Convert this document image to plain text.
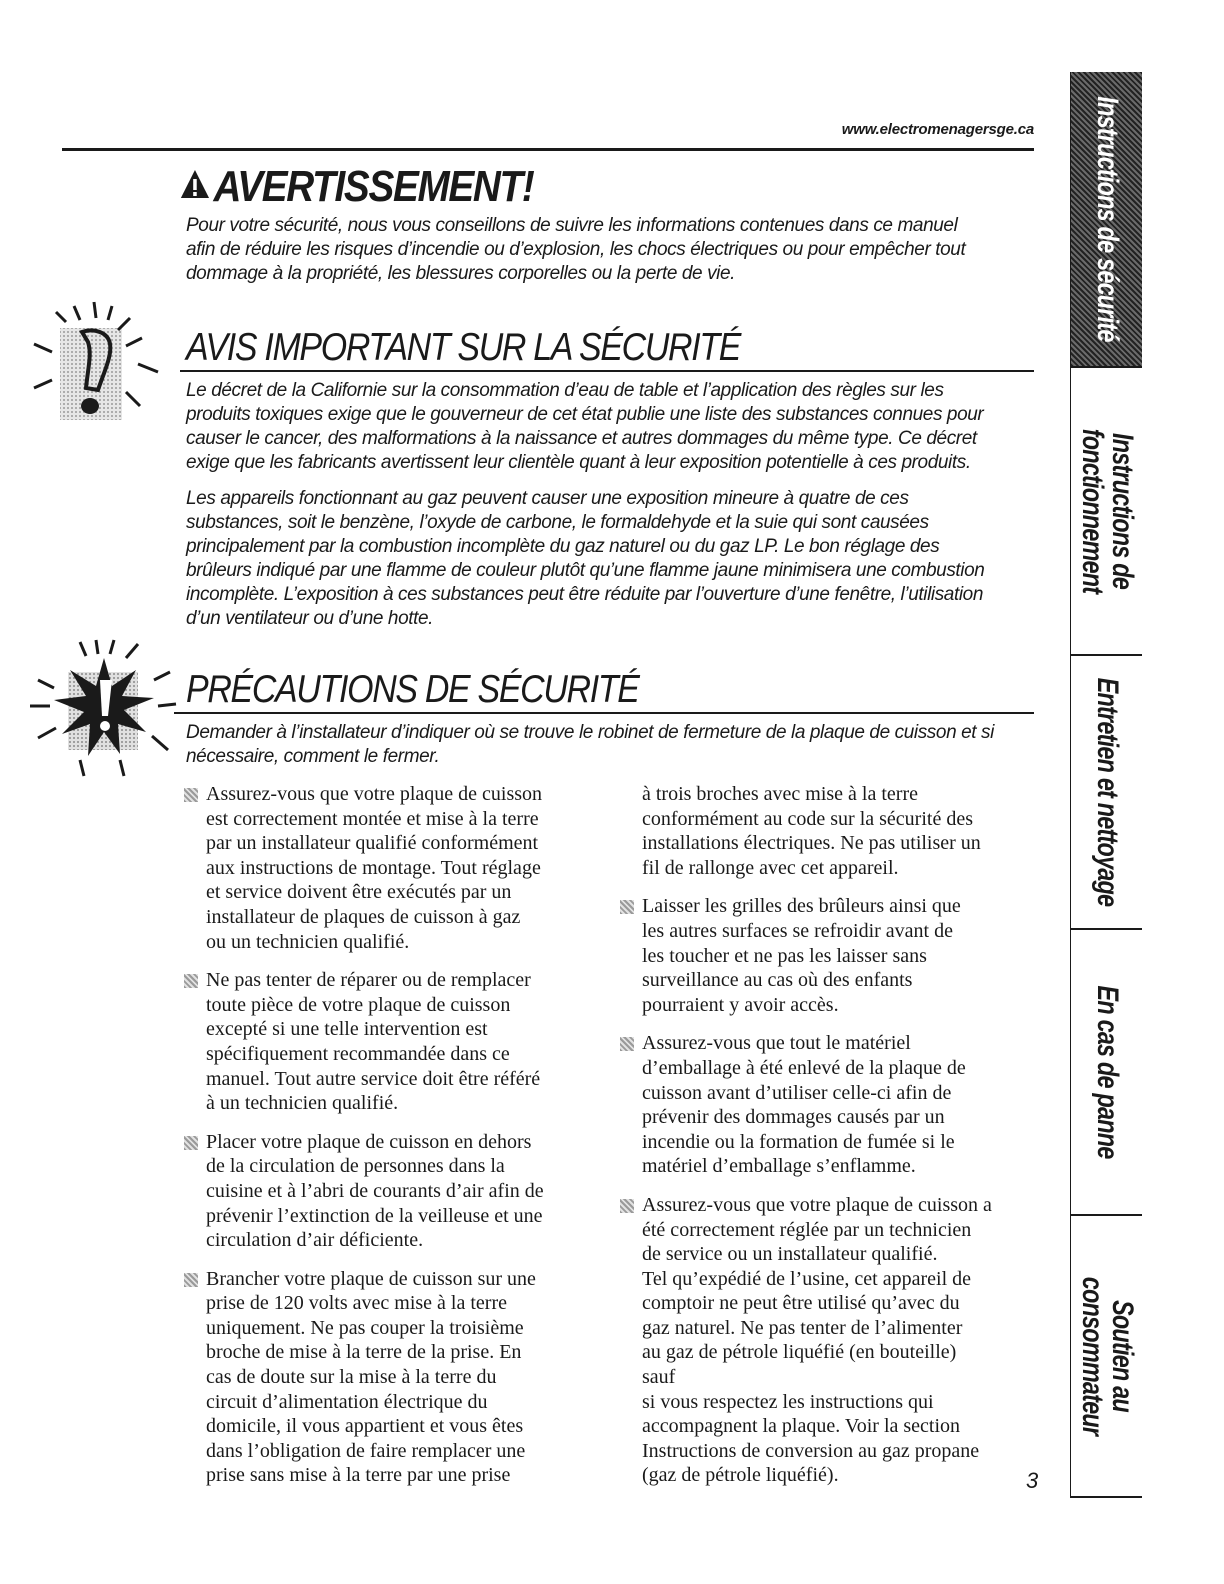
www.electromenagersge.ca
AVERTISSEMENT!
Pour votre sécurité, nous vous conseillons de suivre les informations contenues dans ce manuel
afin de réduire les risques d’incendie ou d’explosion, les chocs électriques ou pour empêcher tout
dommage à la propriété, les blessures corporelles ou la perte de vie.
AVIS IMPORTANT SUR LA SÉCURITÉ
Le décret de la Californie sur la consommation d’eau de table et l’application des règles sur les
produits toxiques exige que le gouverneur de cet état publie une liste des substances connues pour
causer le cancer, des malformations à la naissance et autres dommages du même type. Ce décret
exige que les fabricants avertissent leur clientèle quant à leur exposition potentielle à ces produits.
Les appareils fonctionnant au gaz peuvent causer une exposition mineure à quatre de ces
substances, soit le benzène, l’oxyde de carbone, le formaldehyde et la suie qui sont causées
principalement par la combustion incomplète du gaz naturel ou du gaz LP. Le bon réglage des
brûleurs indiqué par une flamme de couleur plutôt qu’une flamme jaune minimisera une combustion
incomplète. L’exposition à ces substances peut être réduite par l’ouverture d’une fenêtre, l’utilisation
d’un ventilateur ou d’une hotte.
PRÉCAUTIONS DE SÉCURITÉ
Demander à l’installateur d’indiquer où se trouve le robinet de fermeture de la plaque de cuisson et si
nécessaire, comment le fermer.
Assurez-vous que votre plaque de cuisson
est correctement montée et mise à la terre
par un installateur qualifié conformément
aux instructions de montage. Tout réglage
et service doivent être exécutés par un
installateur de plaques de cuisson à gaz
ou un technicien qualifié.
Ne pas tenter de réparer ou de remplacer
toute pièce de votre plaque de cuisson
excepté si une telle intervention est
spécifiquement recommandée dans ce
manuel. Tout autre service doit être référé
à un technicien qualifié.
Placer votre plaque de cuisson en dehors
de la circulation de personnes dans la
cuisine et à l’abri de courants d’air afin de
prévenir l’extinction de la veilleuse et une
circulation d’air déficiente.
Brancher votre plaque de cuisson sur une
prise de 120 volts avec mise à la terre
uniquement. Ne pas couper la troisième
broche de mise à la terre de la prise. En
cas de doute sur la mise à la terre du
circuit d’alimentation électrique du
domicile, il vous appartient et vous êtes
dans l’obligation de faire remplacer une
prise sans mise à la terre par une prise
à trois broches avec mise à la terre
conformément au code sur la sécurité des
installations électriques. Ne pas utiliser un
fil de rallonge avec cet appareil.
Laisser les grilles des brûleurs ainsi que
les autres surfaces se refroidir avant de
les toucher et ne pas les laisser sans
surveillance au cas où des enfants
pourraient y avoir accès.
Assurez-vous que tout le matériel
d’emballage à été enlevé de la plaque de
cuisson avant d’utiliser celle-ci afin de
prévenir des dommages causés par un
incendie ou la formation de fumée si le
matériel d’emballage s’enflamme.
Assurez-vous que votre plaque de cuisson a
été correctement réglée par un technicien
de service ou un installateur qualifié.
Tel qu’expédié de l’usine, cet appareil de
comptoir ne peut être utilisé qu’avec du
gaz naturel. Ne pas tenter de l’alimenter
au gaz de pétrole liquéfié (en bouteille)
sauf
si vous respectez les instructions qui
accompagnent la plaque. Voir la section
Instructions de conversion au gaz propane
(gaz de pétrole liquéfié).	3
Instructions de sécurité
Instructions de
fonctionnement
Entretien et nettoyage
En cas de panne
Soutien au
consommateur
